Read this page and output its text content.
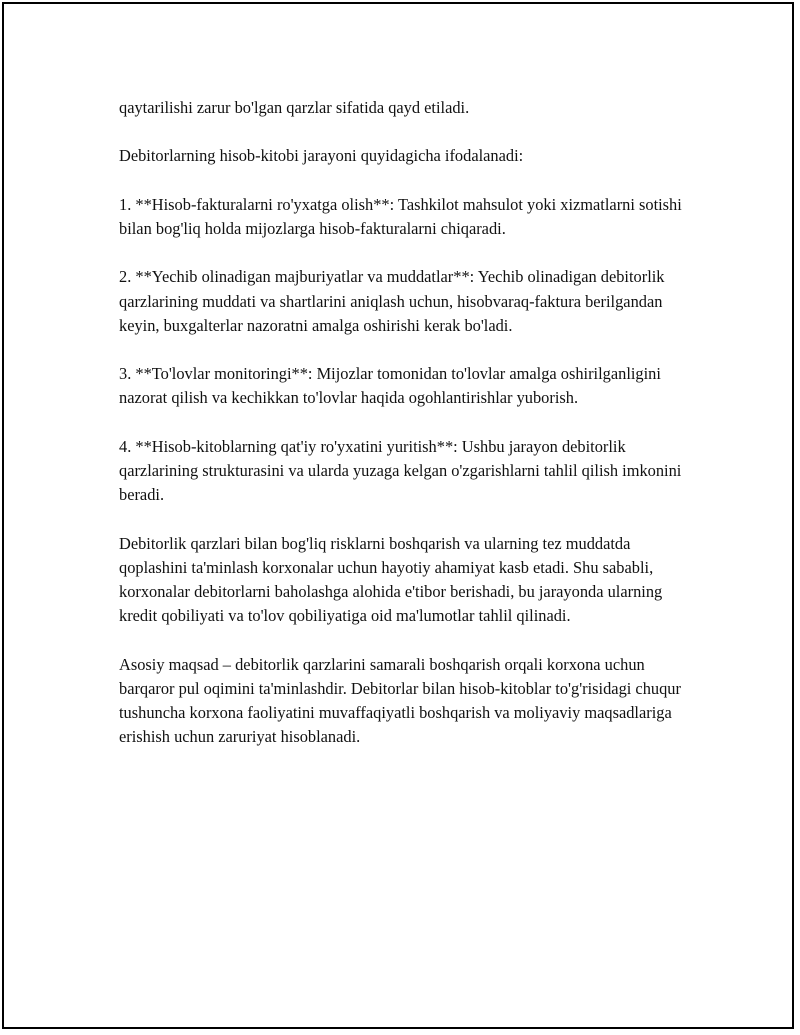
qaytarilishi zarur bo'lgan qarzlar sifatida qayd etiladi.

Debitorlarning hisob-kitobi jarayoni quyidagicha ifodalanadi:

1. **Hisob-fakturalarni ro'yxatga olish**: Tashkilot mahsulot yoki xizmatlarni sotishi bilan bog'liq holda mijozlarga hisob-fakturalarni chiqaradi.

2. **Yechib olinadigan majburiyatlar va muddatlar**: Yechib olinadigan debitorlik qarzlarining muddati va shartlarini aniqlash uchun, hisobvaraq-faktura berilgandan keyin, buxgalterlar nazoratni amalga oshirishi kerak bo'ladi.

3. **To'lovlar monitoringi**: Mijozlar tomonidan to'lovlar amalga oshirilganligini nazorat qilish va kechikkan to'lovlar haqida ogohlantirishlar yuborish.

4. **Hisob-kitoblarning qat'iy ro'yxatini yuritish**: Ushbu jarayon debitorlik qarzlarining strukturasini va ularda yuzaga kelgan o'zgarishlarni tahlil qilish imkonini beradi.

Debitorlik qarzlari bilan bog'liq risklarni boshqarish va ularning tez muddatda qoplashini ta'minlash korxonalar uchun hayotiy ahamiyat kasb etadi. Shu sababli, korxonalar debitorlarni baholashga alohida e'tibor berishadi, bu jarayonda ularning kredit qobiliyati va to'lov qobiliyatiga oid ma'lumotlar tahlil qilinadi.

Asosiy maqsad – debitorlik qarzlarini samarali boshqarish orqali korxona uchun barqaror pul oqimini ta'minlashdir. Debitorlar bilan hisob-kitoblar to'g'risidagi chuqur tushuncha korxona faoliyatini muvaffaqiyatli boshqarish va moliyaviy maqsadlariga erishish uchun zaruriyat hisoblanadi.
